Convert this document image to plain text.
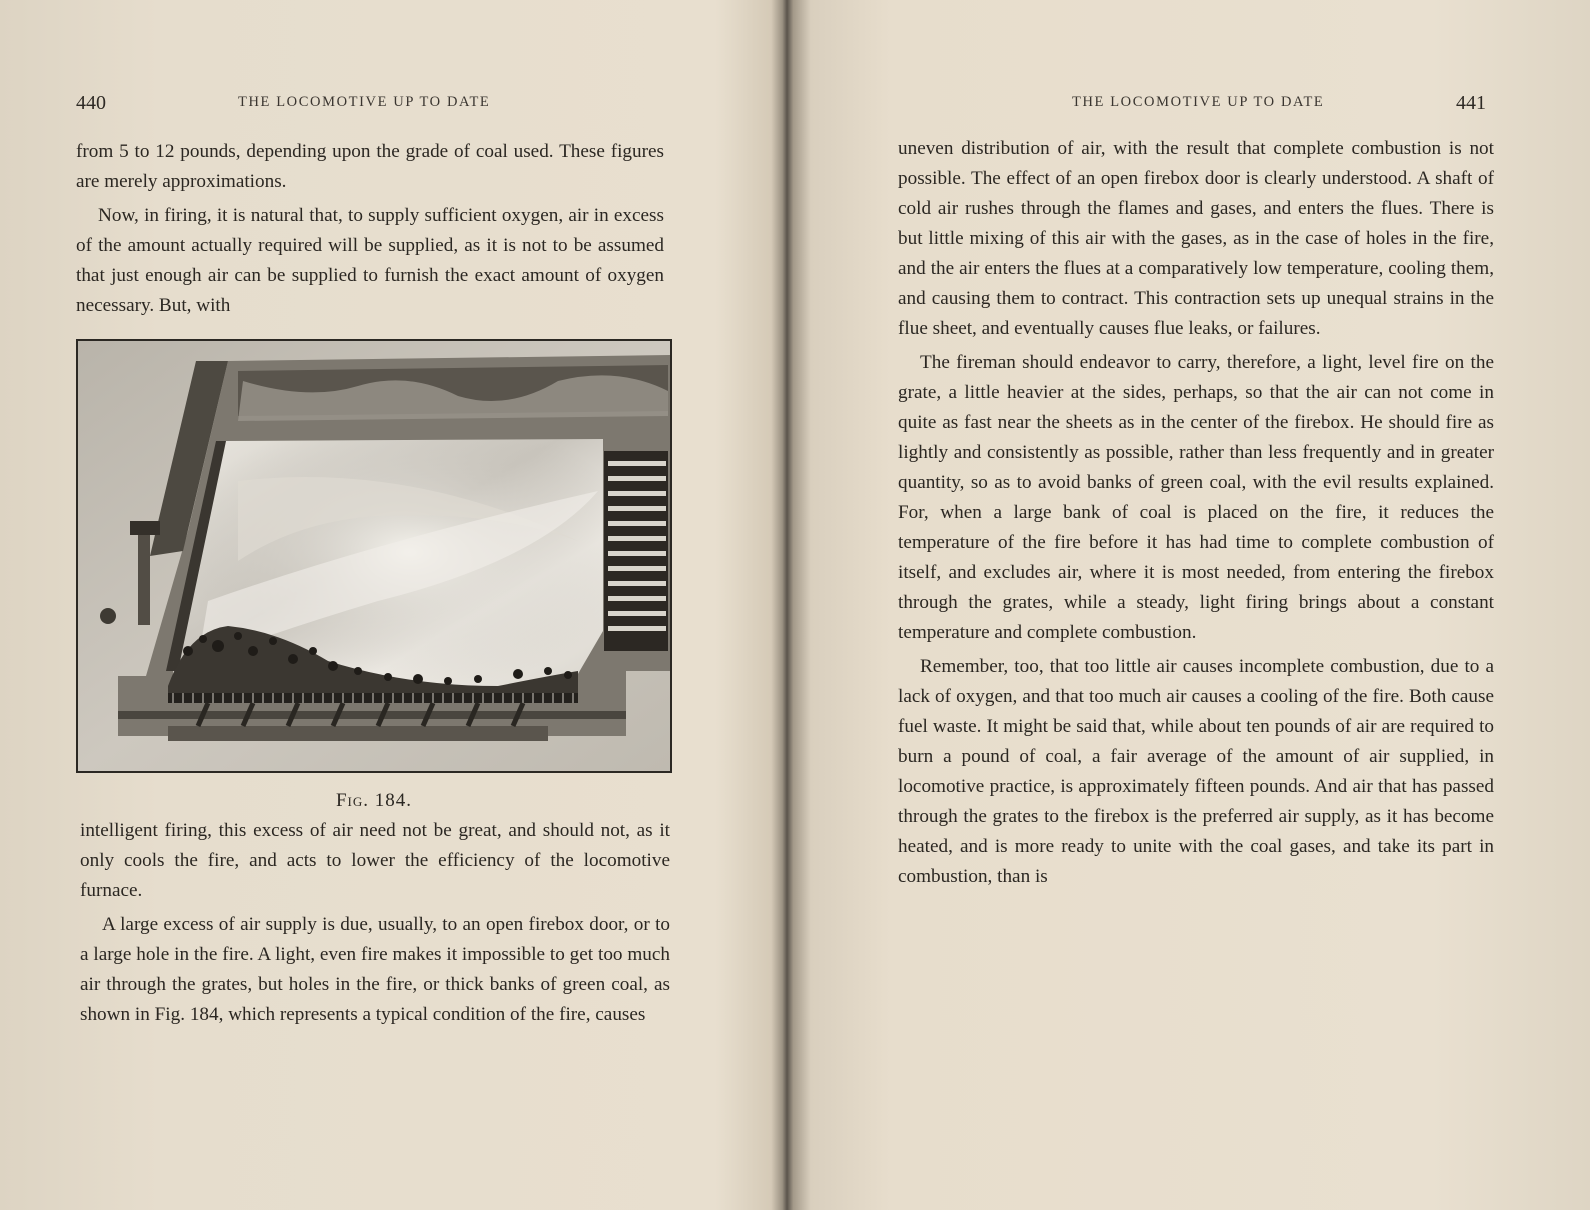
440	THE LOCOMOTIVE UP TO DATE

from 5 to 12 pounds, depending upon the grade of coal used. These figures are merely approximations.

Now, in firing, it is natural that, to supply sufficient oxygen, air in excess of the amount actually required will be supplied, as it is not to be assumed that just enough air can be supplied to furnish the exact amount of oxygen necessary. But, with

Fig. 184.

intelligent firing, this excess of air need not be great, and should not, as it only cools the fire, and acts to lower the efficiency of the locomotive furnace.

A large excess of air supply is due, usually, to an open firebox door, or to a large hole in the fire. A light, even fire makes it impossible to get too much air through the grates, but holes in the fire, or thick banks of green coal, as shown in Fig. 184, which represents a typical condition of the fire, causes

THE LOCOMOTIVE UP TO DATE	441

uneven distribution of air, with the result that complete combustion is not possible. The effect of an open firebox door is clearly understood. A shaft of cold air rushes through the flames and gases, and enters the flues. There is but little mixing of this air with the gases, as in the case of holes in the fire, and the air enters the flues at a comparatively low temperature, cooling them, and causing them to contract. This contraction sets up unequal strains in the flue sheet, and eventually causes flue leaks, or failures.

The fireman should endeavor to carry, therefore, a light, level fire on the grate, a little heavier at the sides, perhaps, so that the air can not come in quite as fast near the sheets as in the center of the firebox. He should fire as lightly and consistently as possible, rather than less frequently and in greater quantity, so as to avoid banks of green coal, with the evil results explained. For, when a large bank of coal is placed on the fire, it reduces the temperature of the fire before it has had time to complete combustion of itself, and excludes air, where it is most needed, from entering the firebox through the grates, while a steady, light firing brings about a constant temperature and complete combustion.

Remember, too, that too little air causes incomplete combustion, due to a lack of oxygen, and that too much air causes a cooling of the fire. Both cause fuel waste. It might be said that, while about ten pounds of air are required to burn a pound of coal, a fair average of the amount of air supplied, in locomotive practice, is approximately fifteen pounds. And air that has passed through the grates to the firebox is the preferred air supply, as it has become heated, and is more ready to unite with the coal gases, and take its part in combustion, than is
